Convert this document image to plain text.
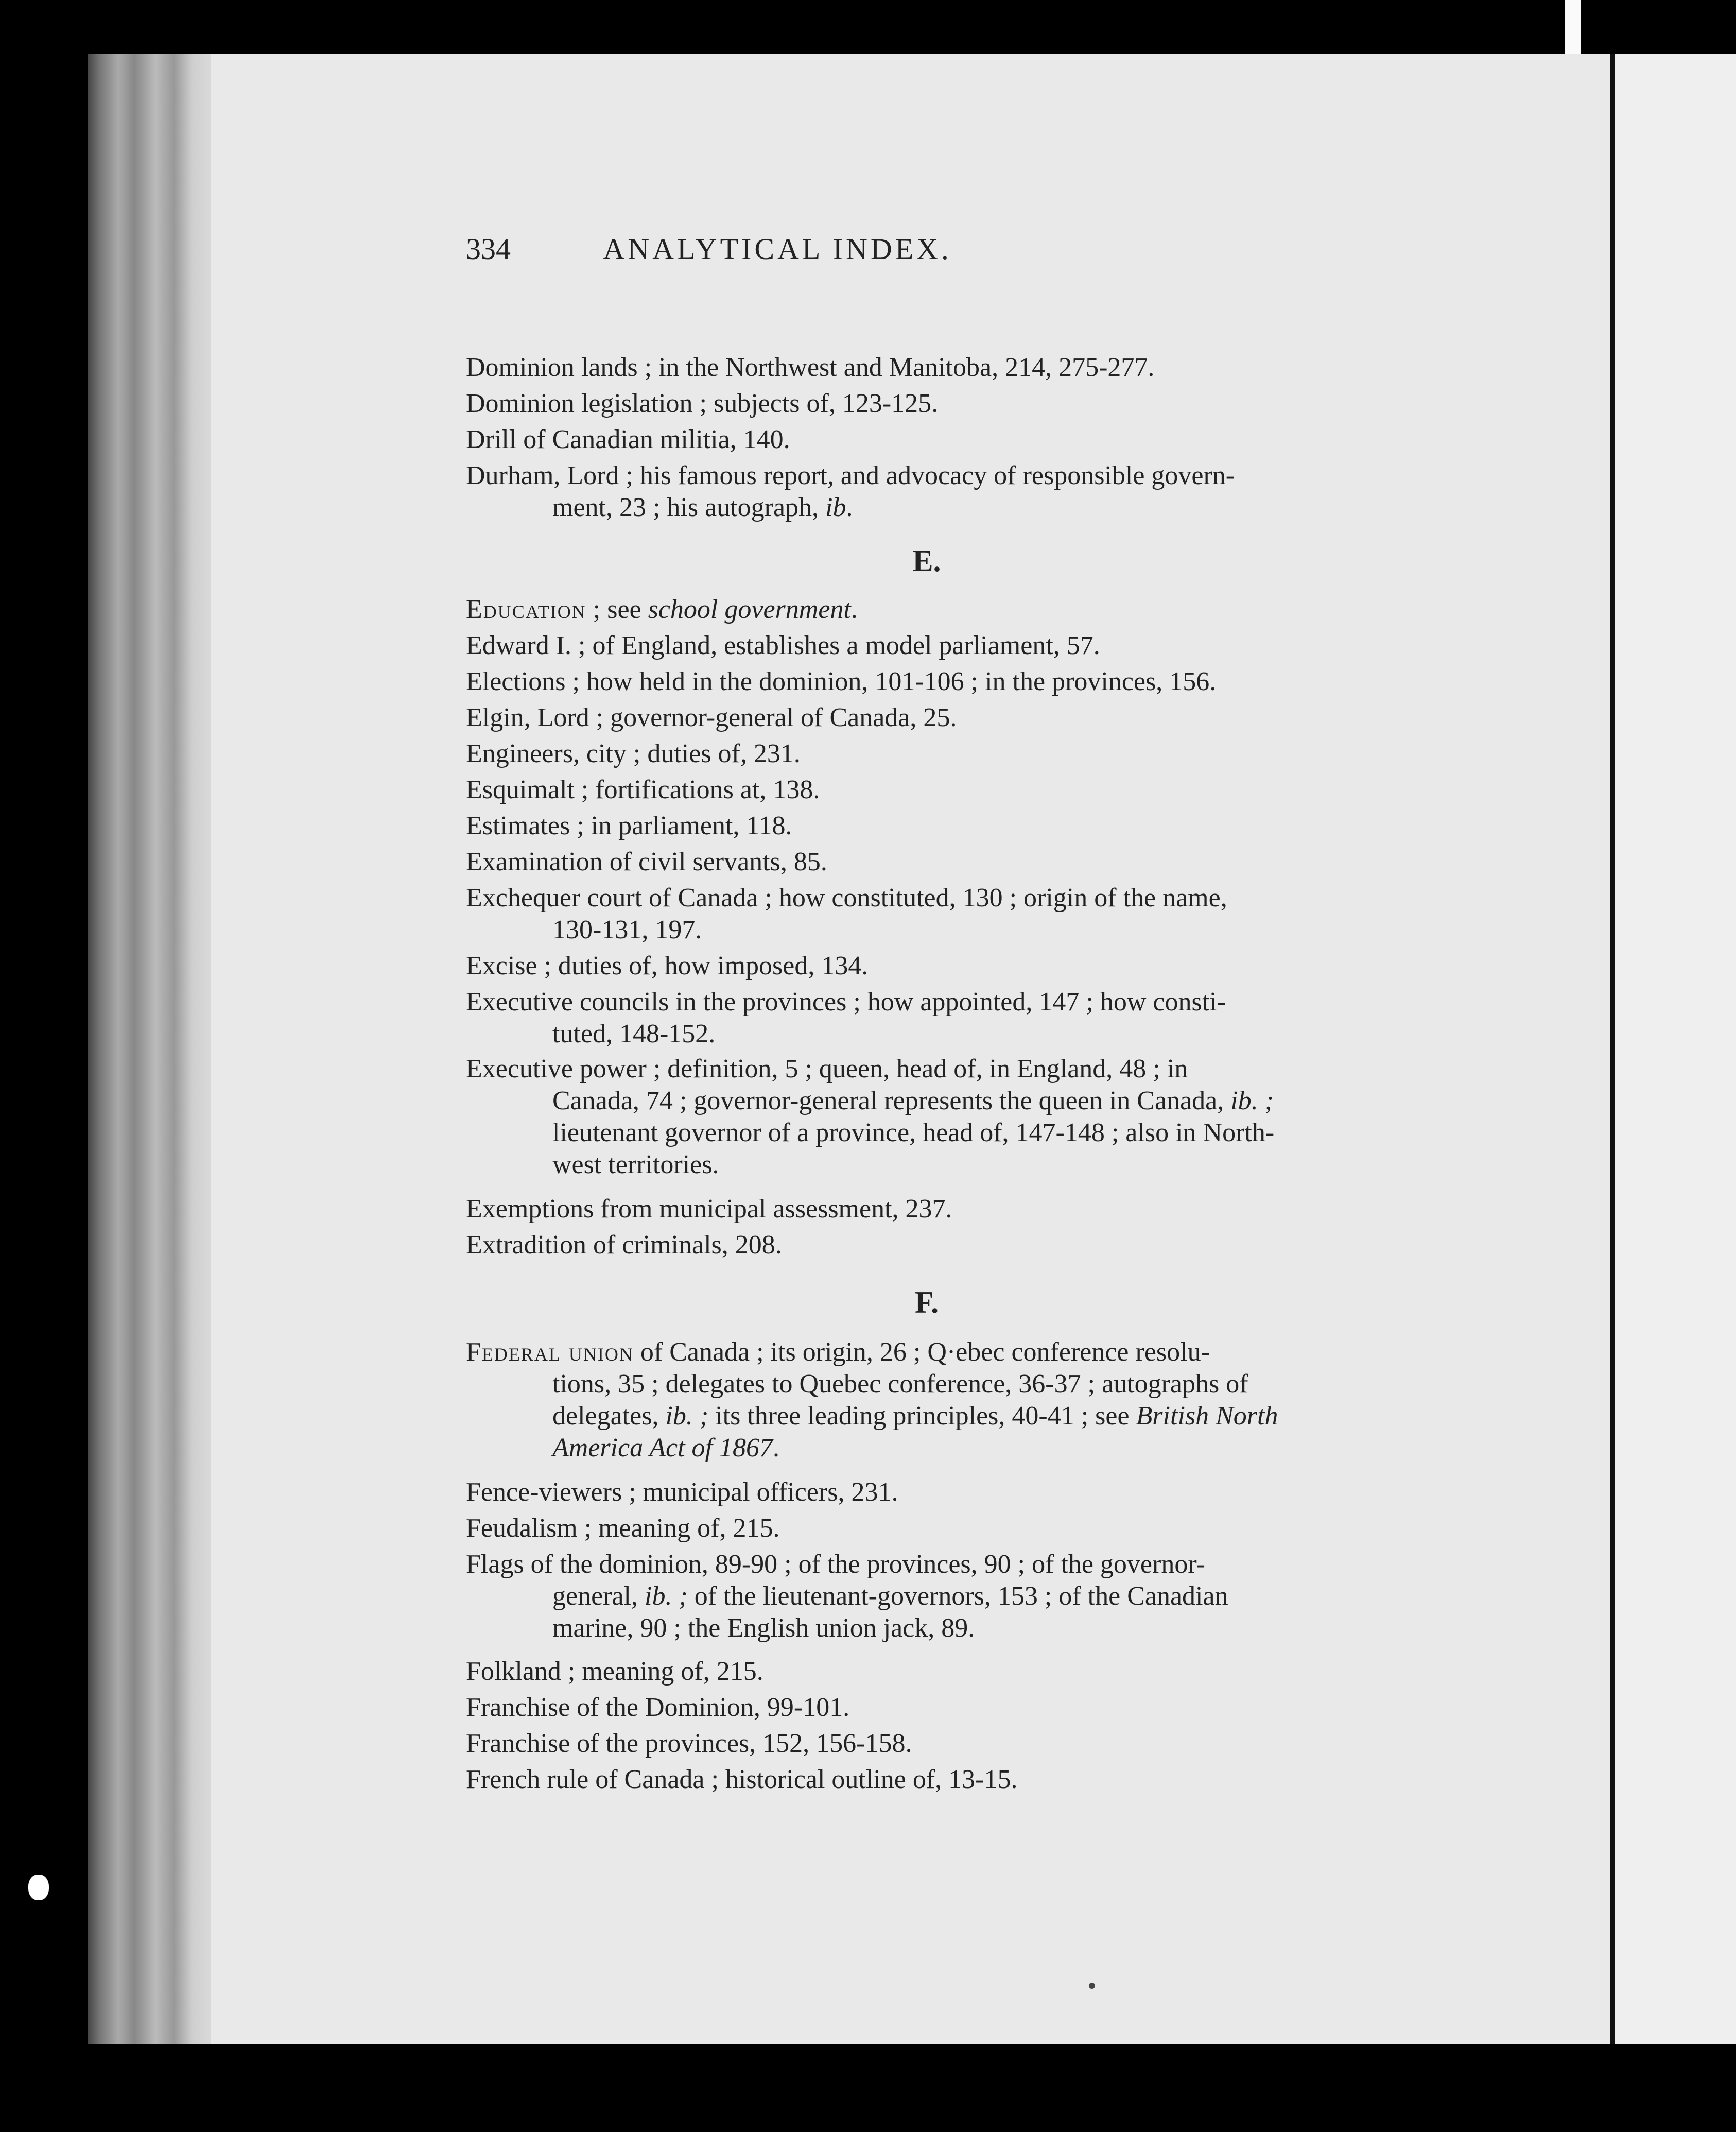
334	ANALYTICAL INDEX.
Dominion lands ; in the Northwest and Manitoba, 214, 275-277.
Dominion legislation ; subjects of, 123-125.
Drill of Canadian militia, 140.
Durham, Lord ; his famous report, and advocacy of responsible govern-
ment, 23 ; his autograph, ib.
E.
Education ; see school government.
Edward I. ; of England, establishes a model parliament, 57.
Elections ; how held in the dominion, 101-106 ; in the provinces, 156.
Elgin, Lord ; governor-general of Canada, 25.
Engineers, city ; duties of, 231.
Esquimalt ; fortifications at, 138.
Estimates ; in parliament, 118.
Examination of civil servants, 85.
Exchequer court of Canada ; how constituted, 130 ; origin of the name,
130-131, 197.
Excise ; duties of, how imposed, 134.
Executive councils in the provinces ; how appointed, 147 ; how consti-
tuted, 148-152.
Executive power ; definition, 5 ; queen, head of, in England, 48 ; in
Canada, 74 ; governor-general represents the queen in Canada, ib. ;
lieutenant governor of a province, head of, 147-148 ; also in North-
west territories.
Exemptions from municipal assessment, 237.
Extradition of criminals, 208.
F.
Federal union of Canada ; its origin, 26 ; Q·ebec conference resolu-
tions, 35 ; delegates to Quebec conference, 36-37 ; autographs of
delegates, ib. ; its three leading principles, 40-41 ; see British North
America Act of 1867.
Fence-viewers ; municipal officers, 231.
Feudalism ; meaning of, 215.
Flags of the dominion, 89-90 ; of the provinces, 90 ; of the governor-
general, ib. ; of the lieutenant-governors, 153 ; of the Canadian
marine, 90 ; the English union jack, 89.
Folkland ; meaning of, 215.
Franchise of the Dominion, 99-101.
Franchise of the provinces, 152, 156-158.
French rule of Canada ; historical outline of, 13-15.
